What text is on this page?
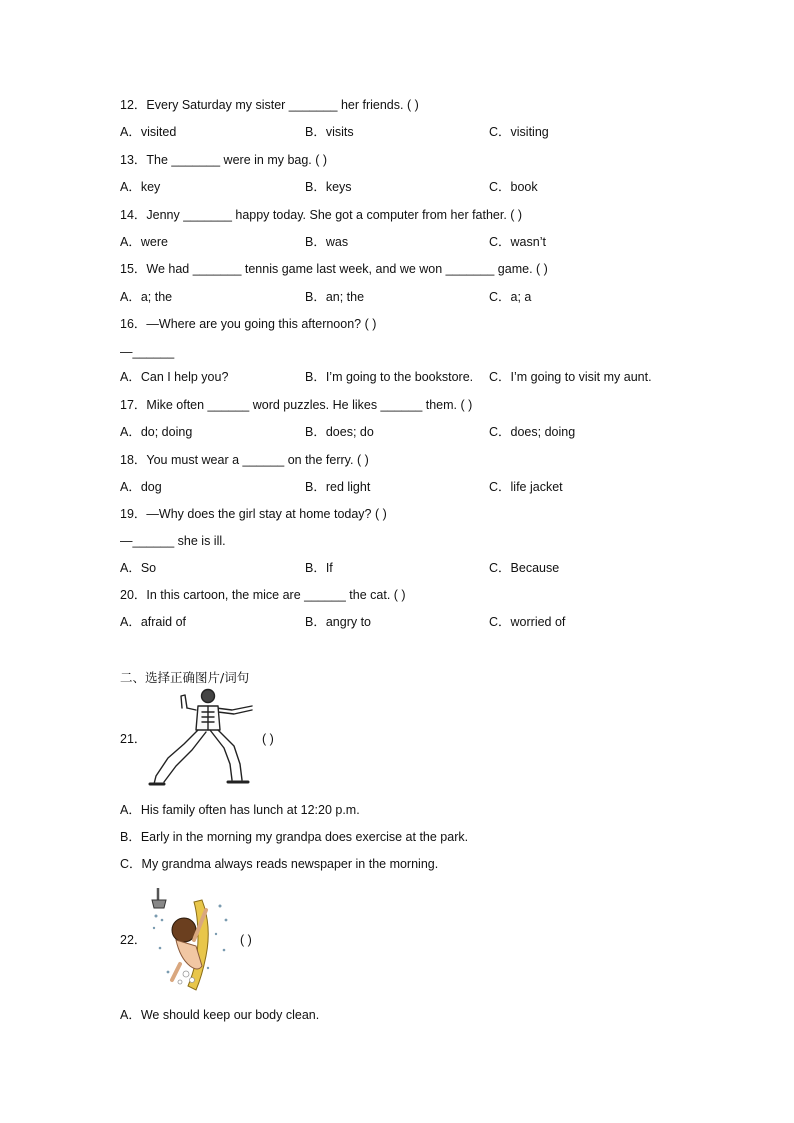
12．Every Saturday my sister _______ her friends. ( )
A．visited	B．visits	C．visiting
13．The _______ were in my bag. ( )
A．key	B．keys	C．book
14．Jenny _______ happy today. She got a computer from her father. ( )
A．were	B．was	C．wasn’t
15．We had _______ tennis game last week, and we won _______ game. ( )
A．a; the	B．an; the	C．a; a
16．—Where are you going this afternoon? ( )
—______
A．Can I help you?	B．I’m going to the bookstore. C．I’m going to visit my aunt.
17．Mike often ______ word puzzles. He likes ______ them. ( )
A．do; doing	B．does; do	C．does; doing
18．You must wear a ______ on the ferry. ( )
A．dog	B．red light	C．life jacket
19．—Why does the girl stay at home today? ( )
—______ she is ill.
A．So	B．If	C．Because
20．In this cartoon, the mice are ______ the cat. ( )
A．afraid of	B．angry to	C．worried of
二、选择正确图片/词句
21．	( )
A．His family often has lunch at 12:20 p.m.
B．Early in the morning my grandpa does exercise at the park.
C．My grandma always reads newspaper in the morning.
22．	( )
A．We should keep our body clean.
